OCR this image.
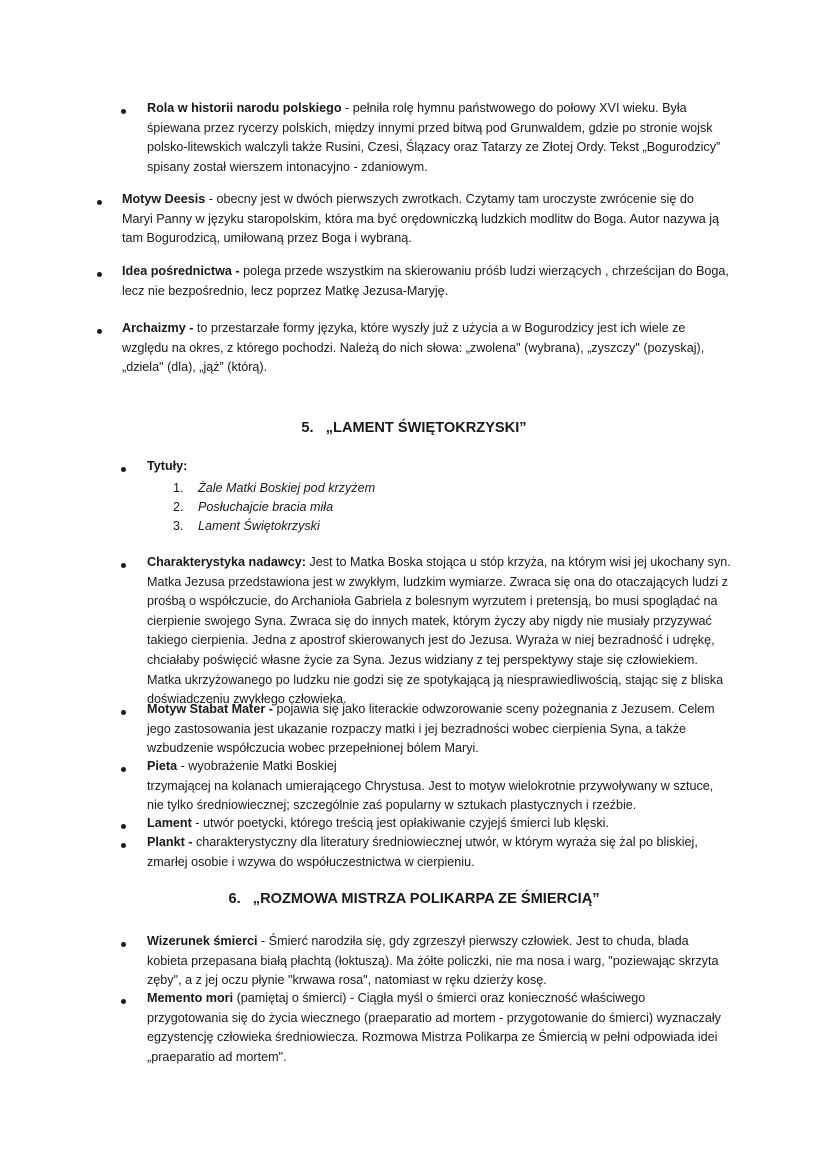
Rola w historii narodu polskiego - pełniła rolę hymnu państwowego do połowy XVI wieku. Była śpiewana przez rycerzy polskich, między innymi przed bitwą pod Grunwaldem, gdzie po stronie wojsk polsko-litewskich walczyli także Rusini, Czesi, Ślązacy oraz Tatarzy ze Złotej Ordy. Tekst „Bogurodzicy” spisany został wierszem intonacyjno - zdaniowym.

Motyw Deesis - obecny jest w dwóch pierwszych zwrotkach. Czytamy tam uroczyste zwrócenie się do Maryi Panny w języku staropolskim, która ma być orędowniczką ludzkich modlitw do Boga. Autor nazywa ją tam Bogurodzicą, umiłowaną przez Boga i wybraną.

Idea pośrednictwa - polega przede wszystkim na skierowaniu próśb ludzi wierzących , chrześcijan do Boga, lecz nie bezpośrednio, lecz poprzez Matkę Jezusa-Maryję.

Archaizmy - to przestarzałe formy języka, które wyszły już z użycia a w Bogurodzicy jest ich wiele ze względu na okres, z którego pochodzi. Należą do nich słowa: „zwolena" (wybrana), „zyszczy" (pozyskaj), „dziela" (dla), „jąż” (którą).

5.   „LAMENT ŚWIĘTOKRZYSKI”
Tytuły:
1. Żale Matki Boskiej pod krzyżem
2. Posłuchajcie bracia miła
3. Lament Świętokrzyski

Charakterystyka nadawcy: Jest to Matka Boska stojąca u stóp krzyża, na którym wisi jej ukochany syn. Matka Jezusa przedstawiona jest w zwykłym, ludzkim wymiarze. Zwraca się ona do otaczających ludzi z prośbą o współczucie, do Archanioła Gabriela z bolesnym wyrzutem i pretensją, bo musi spoglądać na cierpienie swojego Syna. Zwraca się do innych matek, którym życzy aby nigdy nie musiały przyzywać takiego cierpienia. Jedna z apostrof skierowanych jest do Jezusa. Wyraża w niej bezradność i udrękę, chciałaby poświęcić własne życie za Syna. Jezus widziany z tej perspektywy staje się człowiekiem. Matka ukrzyżowanego po ludzku nie godzi się ze spotykającą ją niesprawiedliwością, stając się z bliska doświadczeniu zwykłego człowieka.

Motyw Stabat Mater - pojawia się jako literackie odwzorowanie sceny pożegnania z Jezusem. Celem jego zastosowania jest ukazanie rozpaczy matki i jej bezradności wobec cierpienia Syna, a także wzbudzenie współczucia wobec przepełnionej bólem Maryi.

Pieta - wyobrażenie Matki Boskiej
trzymającej na kolanach umierającego Chrystusa. Jest to motyw wielokrotnie przywoływany w sztuce, nie tylko średniowiecznej; szczególnie zaś popularny w sztukach plastycznych i rzeźbie.

Lament - utwór poetycki, którego treścią jest opłakiwanie czyjejś śmierci lub klęski.

Plankt - charakterystyczny dla literatury średniowiecznej utwór, w którym wyraża się żal po bliskiej, zmarłej osobie i wzywa do współuczestnictwa w cierpieniu.

6.   „ROZMOWA MISTRZA POLIKARPA ZE ŚMIERCIĄ”

Wizerunek śmierci - Śmierć narodziła się, gdy zgrzeszył pierwszy człowiek. Jest to chuda, blada kobieta przepasana białą płachtą (łoktuszą). Ma żółte policzki, nie ma nosa i warg, "poziewając skrzyta zęby", a z jej oczu płynie "krwawa rosa", natomiast w ręku dzierży kosę.

Memento mori (pamiętaj o śmierci) - Ciągła myśl o śmierci oraz konieczność właściwego przygotowania się do życia wiecznego (praeparatio ad mortem - przygotowanie do śmierci) wyznaczały egzystencję człowieka średniowiecza. Rozmowa Mistrza Polikarpa ze Śmiercią w pełni odpowiada idei „praeparatio ad mortem".
